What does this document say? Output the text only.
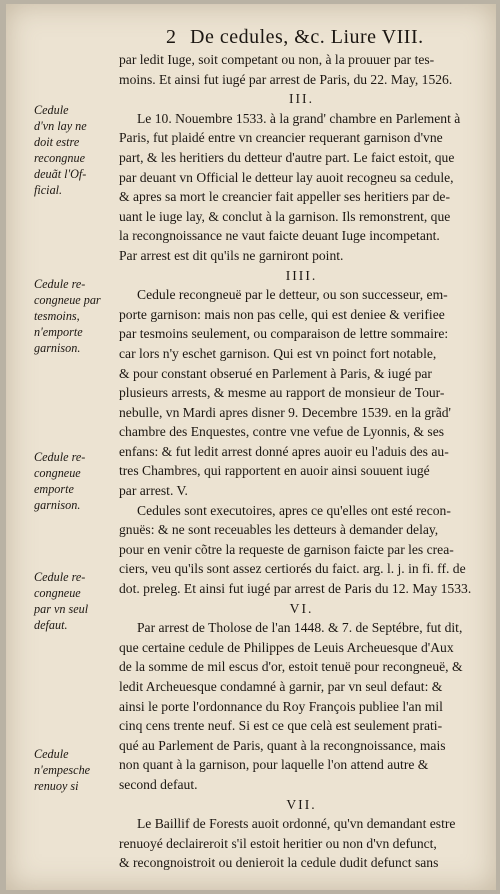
2 De cedules, &c. Liure VIII.
par ledit Iuge, soit competant ou non, à la prouuer par tes-
moins. Et ainsi fut iugé par arrest de Paris, du 22. May, 1526.
III.
Le 10. Nouembre 1533. à la grand' chambre en Parlement à
Paris, fut plaidé entre vn creancier requerant garnison d'vne
part, & les heritiers du detteur d'autre part. Le faict estoit, que
par deuant vn Official le detteur lay auoit recogneu sa cedule,
& apres sa mort le creancier fait appeller ses heritiers par de-
uant le iuge lay, & conclut à la garnison. Ils remonstrent, que
la recongnoissance ne vaut faicte deuant Iuge incompetant.
Par arrest est dit qu'ils ne garniront point.
IIII.
Cedule recongneuë par le detteur, ou son successeur, em-
porte garnison: mais non pas celle, qui est deniee & verifiee
par tesmoins seulement, ou comparaison de lettre sommaire:
car lors n'y eschet garnison. Qui est vn poinct fort notable,
& pour constant obserué en Parlement à Paris, & iugé par
plusieurs arrests, & mesme au rapport de monsieur de Tour-
nebulle, vn Mardi apres disner 9. Decembre 1539. en la grãd'
chambre des Enquestes, contre vne vefue de Lyonnis, & ses
enfans: & fut ledit arrest donné apres auoir eu l'aduis des au-
tres Chambres, qui rapportent en auoir ainsi souuent iugé
par arrest. V.
Cedules sont executoires, apres ce qu'elles ont esté recon-
gnuës: & ne sont receuables les detteurs à demander delay,
pour en venir cõtre la requeste de garnison faicte par les crea-
ciers, veu qu'ils sont assez certiorés du faict. arg. l. j. in fi. ff. de
dot. preleg. Et ainsi fut iugé par arrest de Paris du 12. May 1533.
VI.
Par arrest de Tholose de l'an 1448. & 7. de Septébre, fut dit,
que certaine cedule de Philippes de Leuis Archeuesque d'Aux
de la somme de mil escus d'or, estoit tenuë pour recongneuë, &
ledit Archeuesque condamné à garnir, par vn seul defaut: &
ainsi le porte l'ordonnance du Roy François publiee l'an mil
cinq cens trente neuf. Si est ce que celà est seulement prati-
qué au Parlement de Paris, quant à la recongnoissance, mais
non quant à la garnison, pour laquelle l'on attend autre &
second defaut.
VII.
Le Baillif de Forests auoit ordonné, qu'vn demandant estre
renuoyé declaireroit s'il estoit heritier ou non d'vn defunct,
& recongnoistroit ou denieroit la cedule dudit defunct sans
Cedule
d'vn lay ne
doit estre
recongnue
deuãt l'Of-
ficial.
Cedule re-
congneue par
tesmoins,
n'emporte
garnison.
Cedule re-
congneue
emporte
garnison.
Cedule re-
congneue
par vn seul
defaut.
Cedule
n'empesche
renuoy si
